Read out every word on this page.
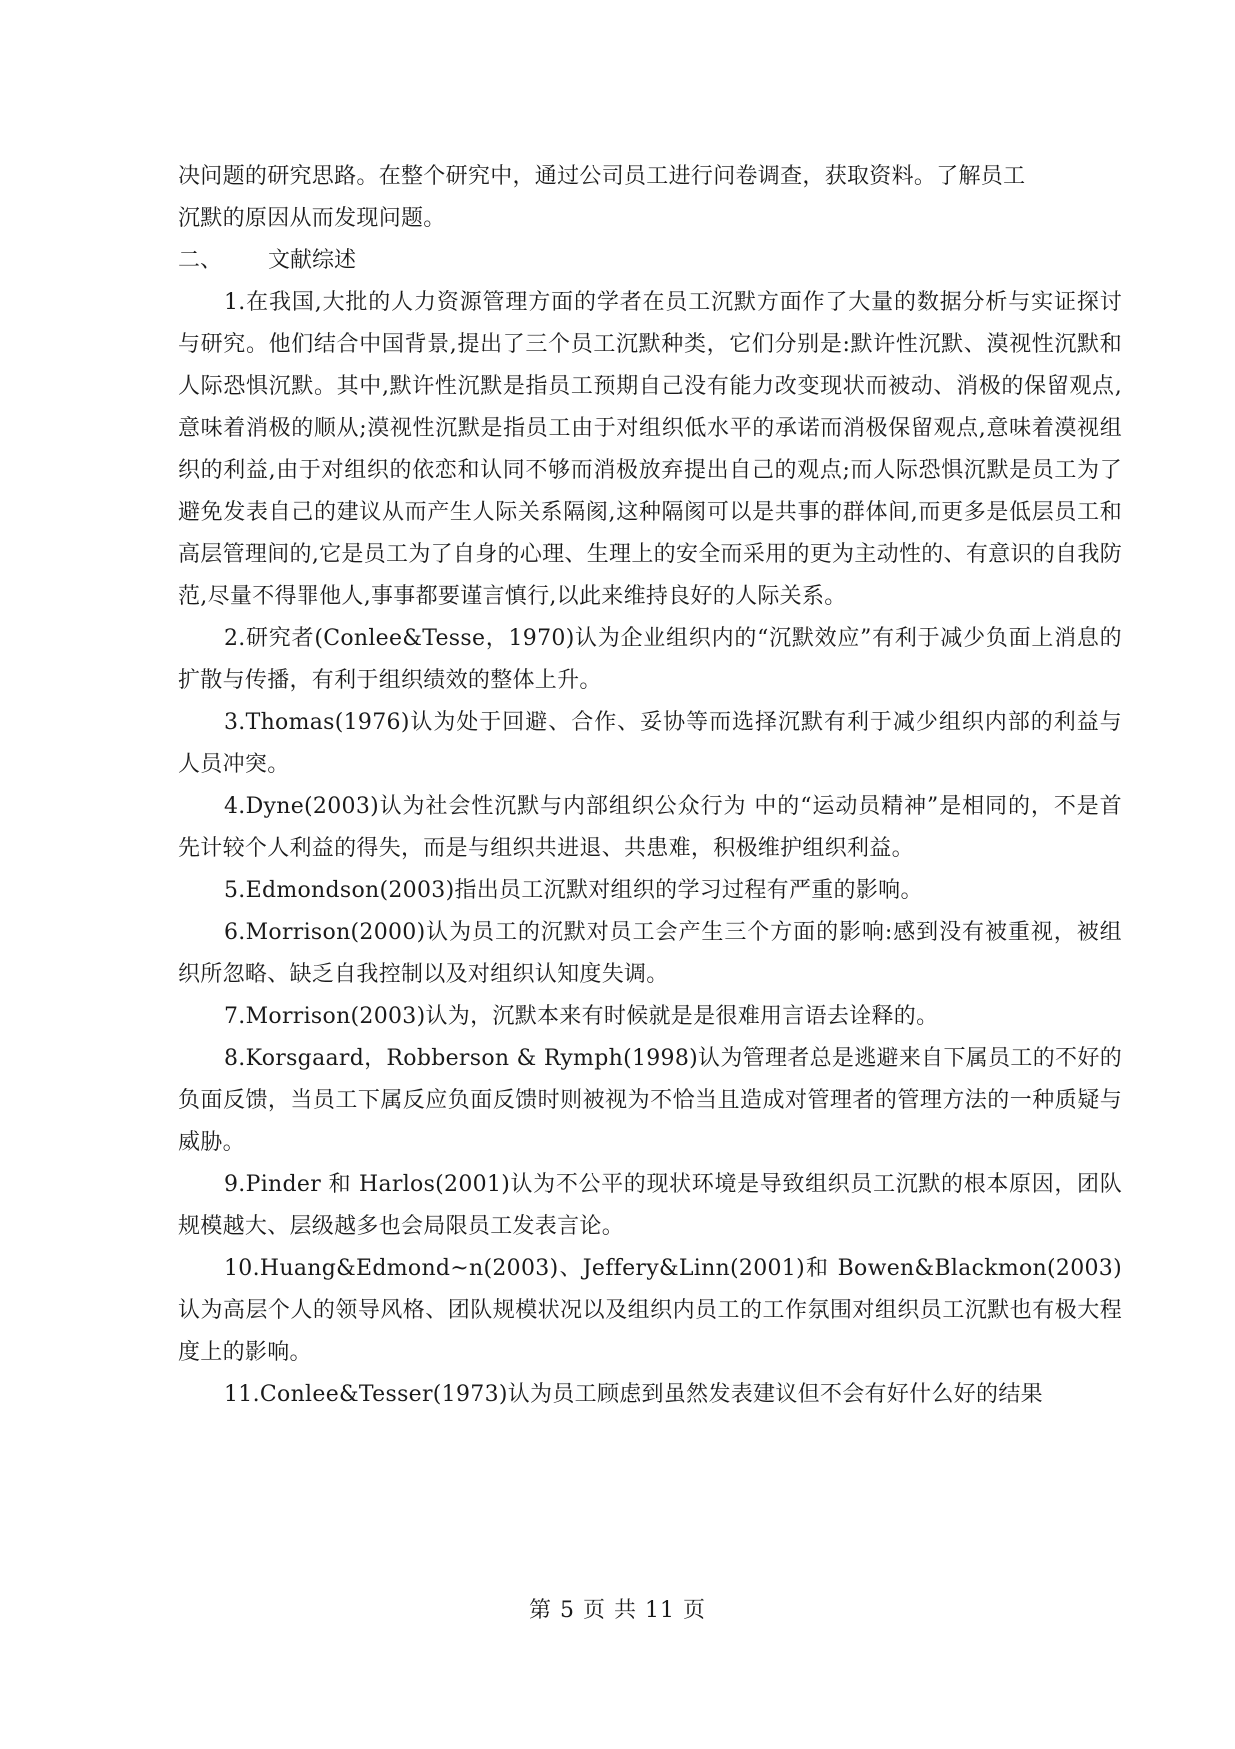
决问题的研究思路。在整个研究中，通过公司员工进行问卷调查，获取资料。了解员工
沉默的原因从而发现问题。
二、 文献综述
1.在我国,大批的人力资源管理方面的学者在员工沉默方面作了大量的数据分析与实证探讨与研究。他们结合中国背景,提出了三个员工沉默种类，它们分别是:默许性沉默、漠视性沉默和人际恐惧沉默。其中,默许性沉默是指员工预期自己没有能力改变现状而被动、消极的保留观点,意味着消极的顺从;漠视性沉默是指员工由于对组织低水平的承诺而消极保留观点,意味着漠视组织的利益,由于对组织的依恋和认同不够而消极放弃提出自己的观点;而人际恐惧沉默是员工为了避免发表自己的建议从而产生人际关系隔阂,这种隔阂可以是共事的群体间,而更多是低层员工和高层管理间的,它是员工为了自身的心理、生理上的安全而采用的更为主动性的、有意识的自我防范,尽量不得罪他人,事事都要谨言慎行,以此来维持良好的人际关系。
2.研究者(Conlee&Tesse，1970)认为企业组织内的“沉默效应”有利于减少负面上消息的扩散与传播，有利于组织绩效的整体上升。
3.Thomas(1976)认为处于回避、合作、妥协等而选择沉默有利于减少组织内部的利益与人员冲突。
4.Dyne(2003)认为社会性沉默与内部组织公众行为 中的“运动员精神”是相同的，不是首先计较个人利益的得失，而是与组织共进退、共患难，积极维护组织利益。
5.Edmondson(2003)指出员工沉默对组织的学习过程有严重的影响。
6.Morrison(2000)认为员工的沉默对员工会产生三个方面的影响:感到没有被重视，被组织所忽略、缺乏自我控制以及对组织认知度失调。
7.Morrison(2003)认为，沉默本来有时候就是是很难用言语去诠释的。
8.Korsgaard，Robberson & Rymph(1998)认为管理者总是逃避来自下属员工的不好的负面反馈，当员工下属反应负面反馈时则被视为不恰当且造成对管理者的管理方法的一种质疑与威胁。
9.Pinder 和 Harlos(2001)认为不公平的现状环境是导致组织员工沉默的根本原因，团队规模越大、层级越多也会局限员工发表言论。
10.Huang&Edmond~n(2003)、Jeffery&Linn(2001)和 Bowen&Blackmon(2003)认为高层个人的领导风格、团队规模状况以及组织内员工的工作氛围对组织员工沉默也有极大程度上的影响。
11.Conlee&Tesser(1973)认为员工顾虑到虽然发表建议但不会有好什么好的结果
第 5 页 共 11 页
